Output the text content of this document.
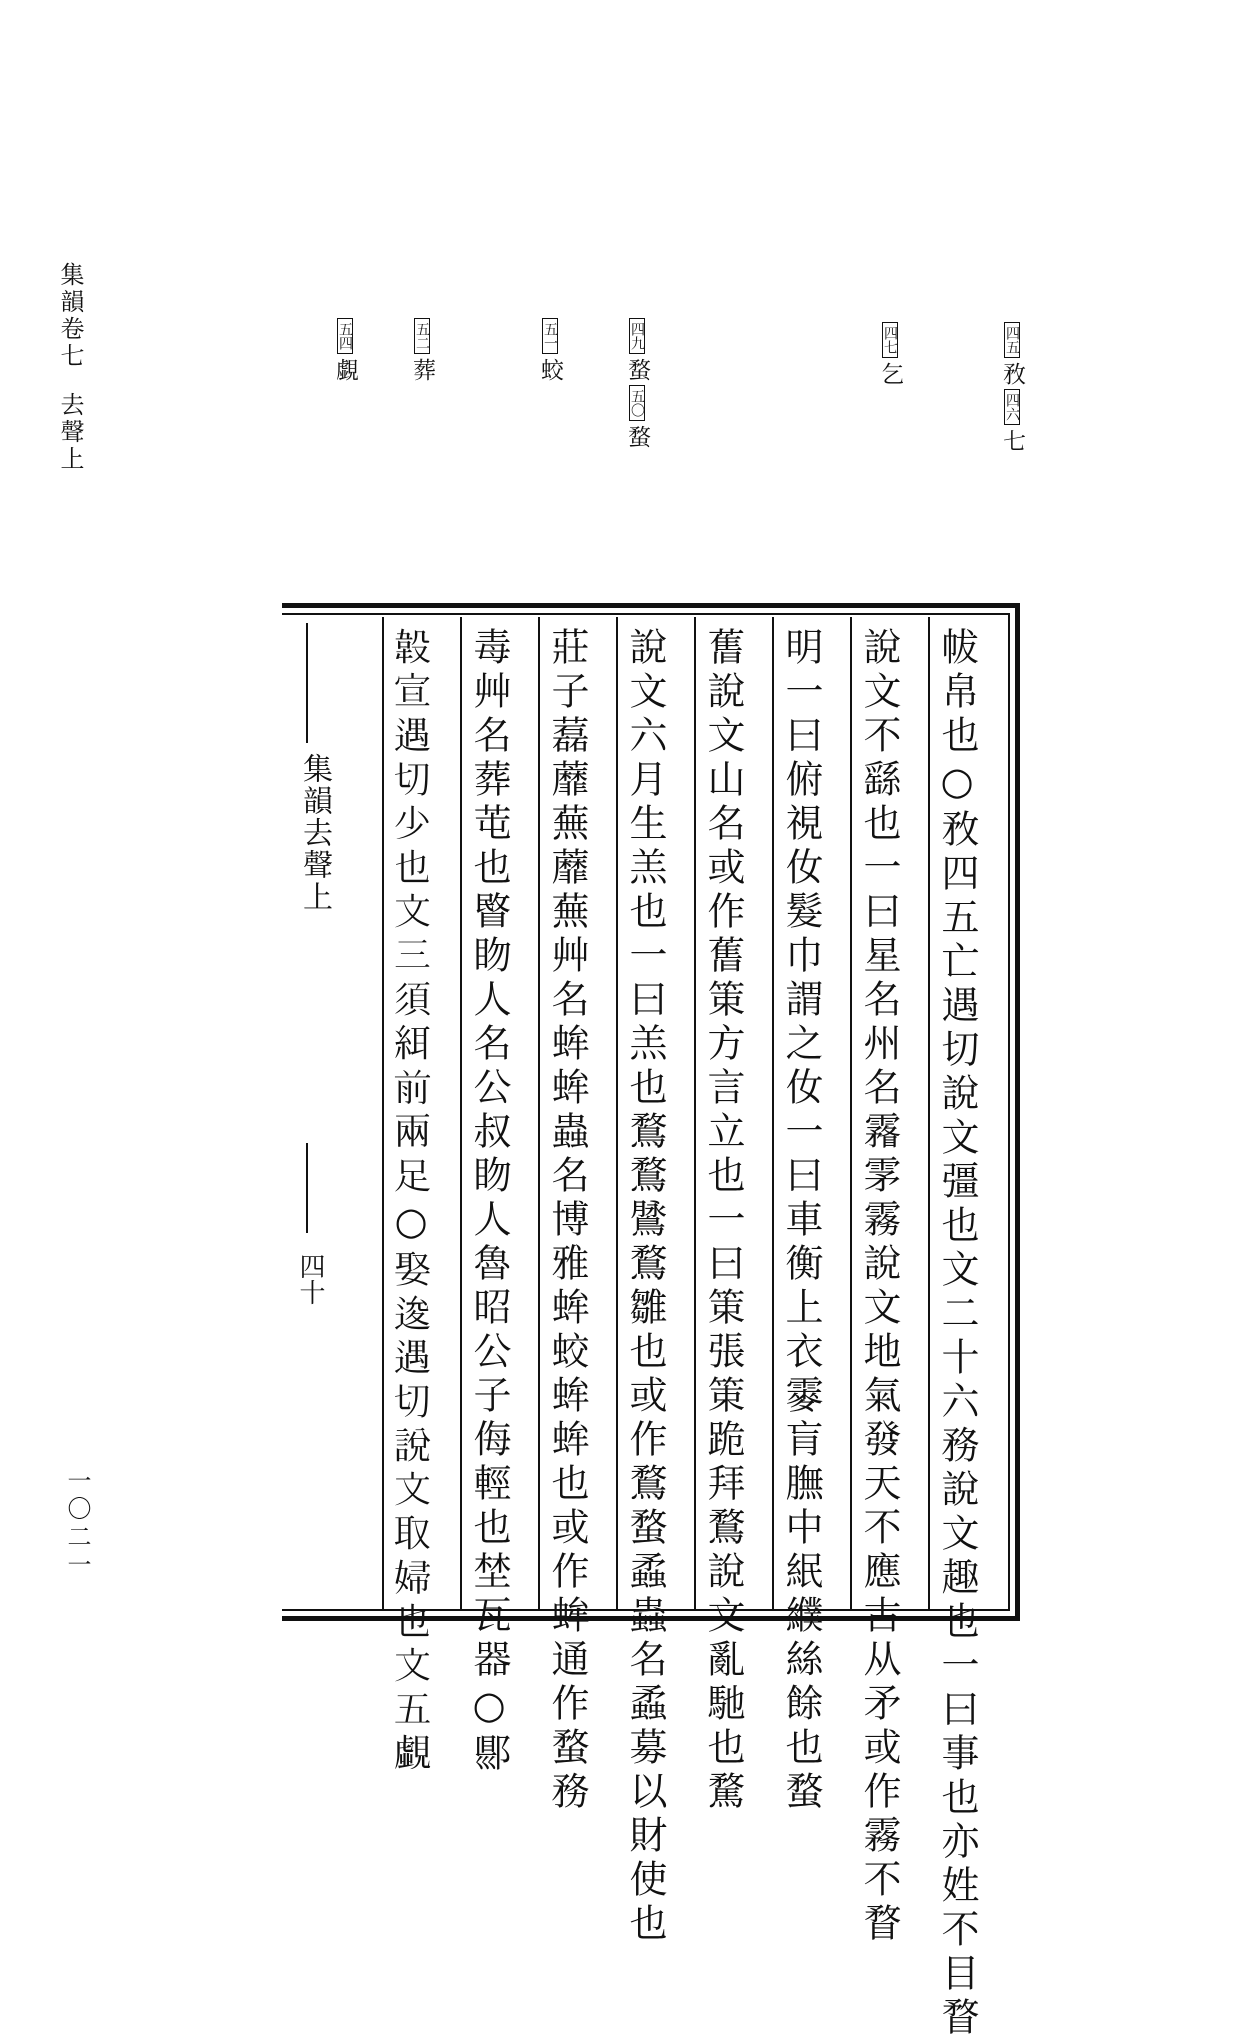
集韻卷七去聲上
一〇二一
四五敄四六七
四七乞
四九蝥五〇蝥
五一蛟
五二葬
五四覷
集韻去聲上
四十	帗帛也○敄四五亡遇切說文彊也文二十六務說文趣也一曰事也亦姓不目瞀
說文不繇也一曰星名州名霿雺霧說文地氣發天不應古从矛或作霧不瞀
明一曰俯視㚢髮巾謂之㚢一曰車衡上衣䨫肓膴中䋋纀絲餘也蝥
𦾔說文山名或作𦾔䇿方言立也一曰䇿張䇿跪拜鶩說文亂馳也騖
說文六月生羔也一曰羔也鶩鶩䳮鶩雛也或作鶩蝥蟊蟲名蟊募以財使也
莊子藞蘼蕪蘼蕪艸名蛑蛑蟲名博雅蛑蛟蛑蛑也或作蛑通作蝥務
毒艸名葬芚也睯䀛人名公叔䀛人魯昭公子侮輕也埜瓦器○郻
𣪡宣遇切少也文三須䋙前兩足○娶逡遇切說文取婦也文五覷
